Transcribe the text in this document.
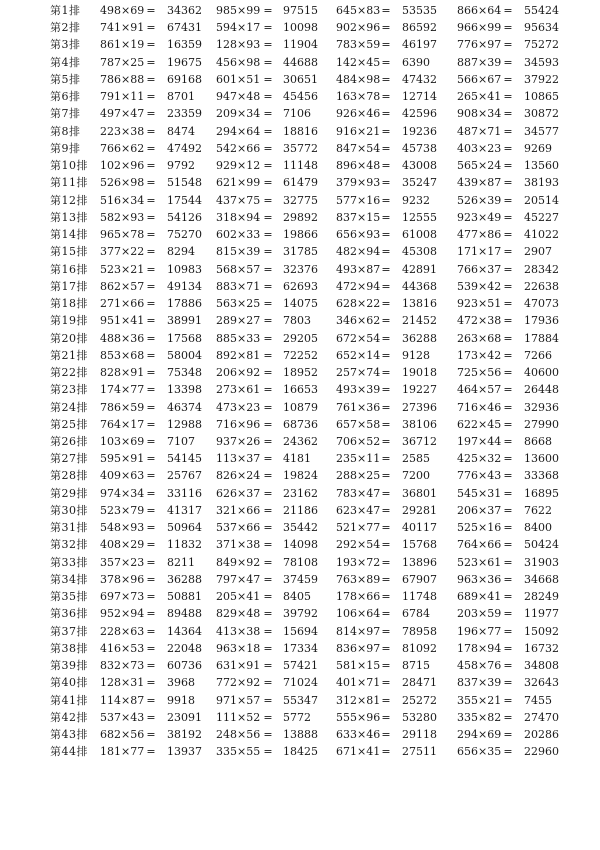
第1排 498×69 = 34362 985×99 = 97515 645×83 = 53535 866×64 = 55424
第2排 741×91 = 67431 594×17 = 10098 902×96 = 86592 966×99 = 95634
第3排 861×19 = 16359 128×93 = 11904 783×59 = 46197 776×97 = 75272
第4排 787×25 = 19675 456×98 = 44688 142×45 = 6390 887×39 = 34593
第5排 786×88 = 69168 601×51 = 30651 484×98 = 47432 566×67 = 37922
第6排 791×11 = 8701 947×48 = 45456 163×78 = 12714 265×41 = 10865
第7排 497×47 = 23359 209×34 = 7106 926×46 = 42596 908×34 = 30872
第8排 223×38 = 8474 294×64 = 18816 916×21 = 19236 487×71 = 34577
第9排 766×62 = 47492 542×66 = 35772 847×54 = 45738 403×23 = 9269
第10排 102×96 = 9792 929×12 = 11148 896×48 = 43008 565×24 = 13560
第11排 526×98 = 51548 621×99 = 61479 379×93 = 35247 439×87 = 38193
第12排 516×34 = 17544 437×75 = 32775 577×16 = 9232 526×39 = 20514
第13排 582×93 = 54126 318×94 = 29892 837×15 = 12555 923×49 = 45227
第14排 965×78 = 75270 602×33 = 19866 656×93 = 61008 477×86 = 41022
第15排 377×22 = 8294 815×39 = 31785 482×94 = 45308 171×17 = 2907
第16排 523×21 = 10983 568×57 = 32376 493×87 = 42891 766×37 = 28342
第17排 862×57 = 49134 883×71 = 62693 472×94 = 44368 539×42 = 22638
第18排 271×66 = 17886 563×25 = 14075 628×22 = 13816 923×51 = 47073
第19排 951×41 = 38991 289×27 = 7803 346×62 = 21452 472×38 = 17936
第20排 488×36 = 17568 885×33 = 29205 672×54 = 36288 263×68 = 17884
第21排 853×68 = 58004 892×81 = 72252 652×14 = 9128 173×42 = 7266
第22排 828×91 = 75348 206×92 = 18952 257×74 = 19018 725×56 = 40600
第23排 174×77 = 13398 273×61 = 16653 493×39 = 19227 464×57 = 26448
第24排 786×59 = 46374 473×23 = 10879 761×36 = 27396 716×46 = 32936
第25排 764×17 = 12988 716×96 = 68736 657×58 = 38106 622×45 = 27990
第26排 103×69 = 7107 937×26 = 24362 706×52 = 36712 197×44 = 8668
第27排 595×91 = 54145 113×37 = 4181 235×11 = 2585 425×32 = 13600
第28排 409×63 = 25767 826×24 = 19824 288×25 = 7200 776×43 = 33368
第29排 974×34 = 33116 626×37 = 23162 783×47 = 36801 545×31 = 16895
第30排 523×79 = 41317 321×66 = 21186 623×47 = 29281 206×37 = 7622
第31排 548×93 = 50964 537×66 = 35442 521×77 = 40117 525×16 = 8400
第32排 408×29 = 11832 371×38 = 14098 292×54 = 15768 764×66 = 50424
第33排 357×23 = 8211 849×92 = 78108 193×72 = 13896 523×61 = 31903
第34排 378×96 = 36288 797×47 = 37459 763×89 = 67907 963×36 = 34668
第35排 697×73 = 50881 205×41 = 8405 178×66 = 11748 689×41 = 28249
第36排 952×94 = 89488 829×48 = 39792 106×64 = 6784 203×59 = 11977
第37排 228×63 = 14364 413×38 = 15694 814×97 = 78958 196×77 = 15092
第38排 416×53 = 22048 963×18 = 17334 836×97 = 81092 178×94 = 16732
第39排 832×73 = 60736 631×91 = 57421 581×15 = 8715 458×76 = 34808
第40排 128×31 = 3968 772×92 = 71024 401×71 = 28471 837×39 = 32643
第41排 114×87 = 9918 971×57 = 55347 312×81 = 25272 355×21 = 7455
第42排 537×43 = 23091 111×52 = 5772 555×96 = 53280 335×82 = 27470
第43排 682×56 = 38192 248×56 = 13888 633×46 = 29118 294×69 = 20286
第44排 181×77 = 13937 335×55 = 18425 671×41 = 27511 656×35 = 22960
